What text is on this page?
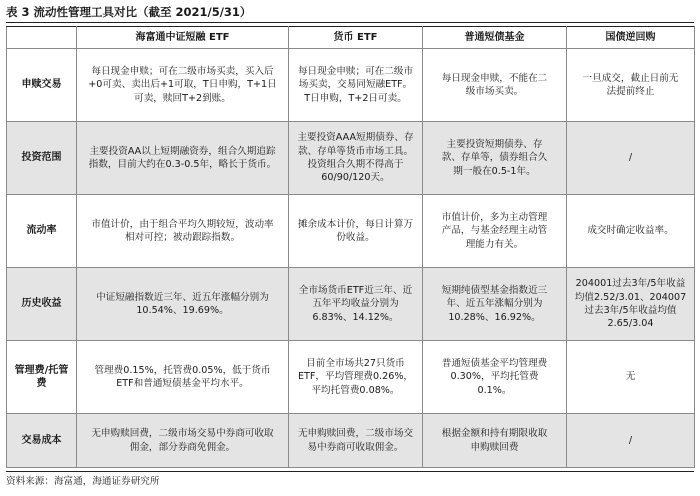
表 3 流动性管理工具对比（截至 2021/5/31）
	海富通中证短融 ETF	货币 ETF	普通短债基金	国债逆回购
申赎交易	每日现金申赎；可在二级市场买卖，买入后+0可卖、卖出后+1可取，T日申购，T+1日可卖，赎回T+2到账。	每日现金申赎；可在二级市场买卖，交易同短融ETF。T日申购，T+2日可卖。	每日现金申赎，不能在二级市场买卖。	一旦成交，截止日前无法提前终止
投资范围	主要投资AA以上短期融资券，组合久期追踪指数，目前大约在0.3-0.5年，略长于货币。	主要投资AAA短期债券、存款、存单等货币市场工具。投资组合久期不得高于60/90/120天。	主要投资短期债券、存款、存单等，债券组合久期一般在0.5-1年。	/
流动率	市值计价，由于组合平均久期较短，波动率相对可控；被动跟踪指数。	摊余成本计价，每日计算万份收益。	市值计价，多为主动管理产品，与基金经理主动管理能力有关。	成交时确定收益率。
历史收益	中证短融指数近三年、近五年涨幅分别为10.54%、19.69%。	全市场货币ETF近三年、近五年平均收益分别为6.83%、14.12%。	短期纯债型基金指数近三年、近五年涨幅分别为10.28%、16.92%。	204001过去3年/5年收益均值2.52/3.01、204007过去3年/5年收益均值2.65/3.04
管理费/托管费	管理费0.15%，托管费0.05%，低于货币ETF和普通短债基金平均水平。	目前全市场共27只货币ETF，平均管理费0.26%，平均托管费0.08%。	普通短债基金平均管理费0.30%，平均托管费0.1%。	无
交易成本	无申购赎回费，二级市场交易中券商可收取佣金，部分券商免佣金。	无申购赎回费，二级市场交易中券商可收取佣金。	根据金额和持有期限收取申购赎回费	/
资料来源：海富通，海通证券研究所
